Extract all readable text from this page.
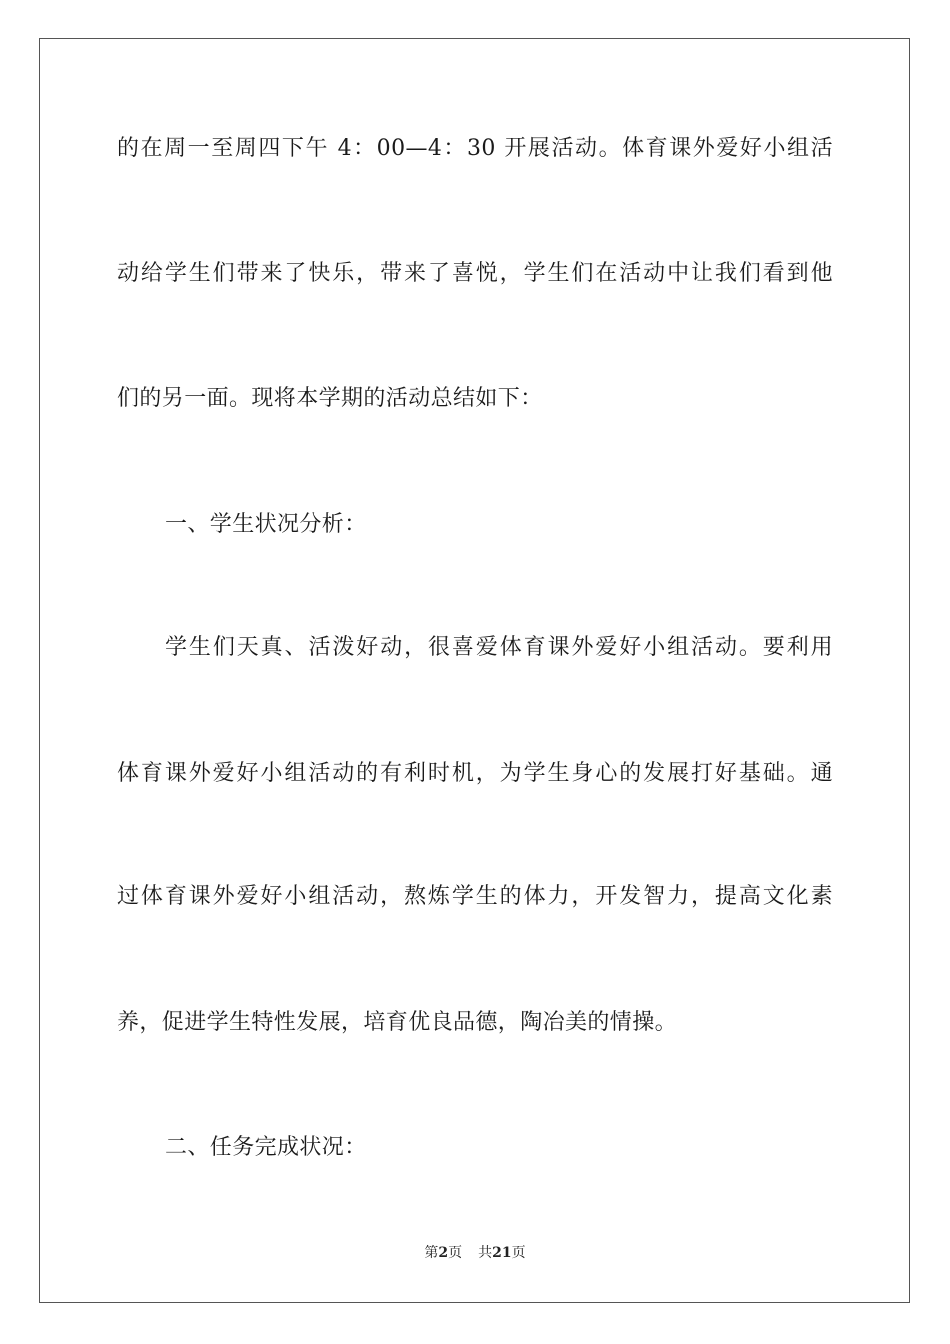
的在周一至周四下午 4：00—4：30 开展活动。体育课外爱好小组活
动给学生们带来了快乐，带来了喜悦，学生们在活动中让我们看到他
们的另一面。现将本学期的活动总结如下：
一、学生状况分析：
学生们天真、活泼好动，很喜爱体育课外爱好小组活动。要利用
体育课外爱好小组活动的有利时机，为学生身心的发展打好基础。通
过体育课外爱好小组活动，熬炼学生的体力，开发智力，提高文化素
养，促进学生特性发展，培育优良品德，陶冶美的情操。
二、任务完成状况：
第2页 共21页
